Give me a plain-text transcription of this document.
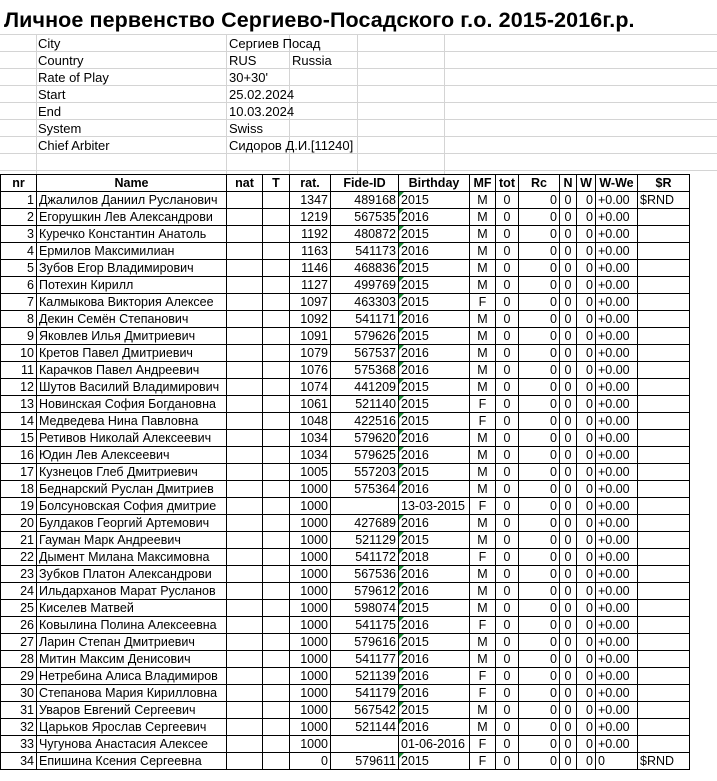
Личное первенство Сергиево-Посадского г.о. 2015-2016г.р.
City	Сергиев Посад
Country	RUS	Russia
Rate of Play	30+30'
Start	25.02.2024
End	10.03.2024
System	Swiss
Chief Arbiter	Сидоров Д.И.[11240]
nr	Name	nat	T	rat.	Fide-ID	Birthday	MF	tot	Rc	N	W	W-We	$R
1	Джалилов Даниил Русланович			1347	489168	2015	M	0	0	0	0	+0.00	$RND
2	Егорушкин Лев Александрови			1219	567535	2016	M	0	0	0	0	+0.00	
3	Куречко Константин Анатоль			1192	480872	2015	M	0	0	0	0	+0.00	
4	Ермилов Максимилиан			1163	541173	2016	M	0	0	0	0	+0.00	
5	Зубов Егор Владимирович			1146	468836	2015	M	0	0	0	0	+0.00	
6	Потехин Кирилл			1127	499769	2015	M	0	0	0	0	+0.00	
7	Калмыкова Виктория Алексее			1097	463303	2015	F	0	0	0	0	+0.00	
8	Декин Семён Степанович			1092	541171	2016	M	0	0	0	0	+0.00	
9	Яковлев Илья Дмитриевич			1091	579626	2015	M	0	0	0	0	+0.00	
10	Кретов Павел Дмитриевич			1079	567537	2016	M	0	0	0	0	+0.00	
11	Карачков Павел Андреевич			1076	575368	2016	M	0	0	0	0	+0.00	
12	Шутов Василий Владимирович			1074	441209	2015	M	0	0	0	0	+0.00	
13	Новинская София Богдановна			1061	521140	2015	F	0	0	0	0	+0.00	
14	Медведева Нина Павловна			1048	422516	2015	F	0	0	0	0	+0.00	
15	Ретивов Николай Алексеевич			1034	579620	2016	M	0	0	0	0	+0.00	
16	Юдин Лев Алексеевич			1034	579625	2016	M	0	0	0	0	+0.00	
17	Кузнецов Глеб Дмитриевич			1005	557203	2015	M	0	0	0	0	+0.00	
18	Беднарский Руслан Дмитриев			1000	575364	2016	M	0	0	0	0	+0.00	
19	Болсуновская София дмитрие			1000		13-03-2015	F	0	0	0	0	+0.00	
20	Булдаков Георгий Артемович			1000	427689	2016	M	0	0	0	0	+0.00	
21	Гауман Марк Андреевич			1000	521129	2015	M	0	0	0	0	+0.00	
22	Дымент Милана Максимовна			1000	541172	2018	F	0	0	0	0	+0.00	
23	Зубков Платон Александрови			1000	567536	2016	M	0	0	0	0	+0.00	
24	Ильдарханов Марат Русланов			1000	579612	2016	M	0	0	0	0	+0.00	
25	Киселев Матвей			1000	598074	2015	M	0	0	0	0	+0.00	
26	Ковылина Полина Алексеевна			1000	541175	2016	F	0	0	0	0	+0.00	
27	Ларин Степан Дмитриевич			1000	579616	2015	M	0	0	0	0	+0.00	
28	Митин Максим Денисович			1000	541177	2016	M	0	0	0	0	+0.00	
29	Нетребина Алиса Владимиров			1000	521139	2016	F	0	0	0	0	+0.00	
30	Степанова Мария Кирилловна			1000	541179	2016	F	0	0	0	0	+0.00	
31	Уваров Евгений Сергеевич			1000	567542	2015	M	0	0	0	0	+0.00	
32	Царьков Ярослав Сергеевич			1000	521144	2016	M	0	0	0	0	+0.00	
33	Чугунова Анастасия Алексее			1000		01-06-2016	F	0	0	0	0	+0.00	
34	Епишина Ксения Сергеевна			0	579611	2015	F	0	0	0	0	0	$RND
